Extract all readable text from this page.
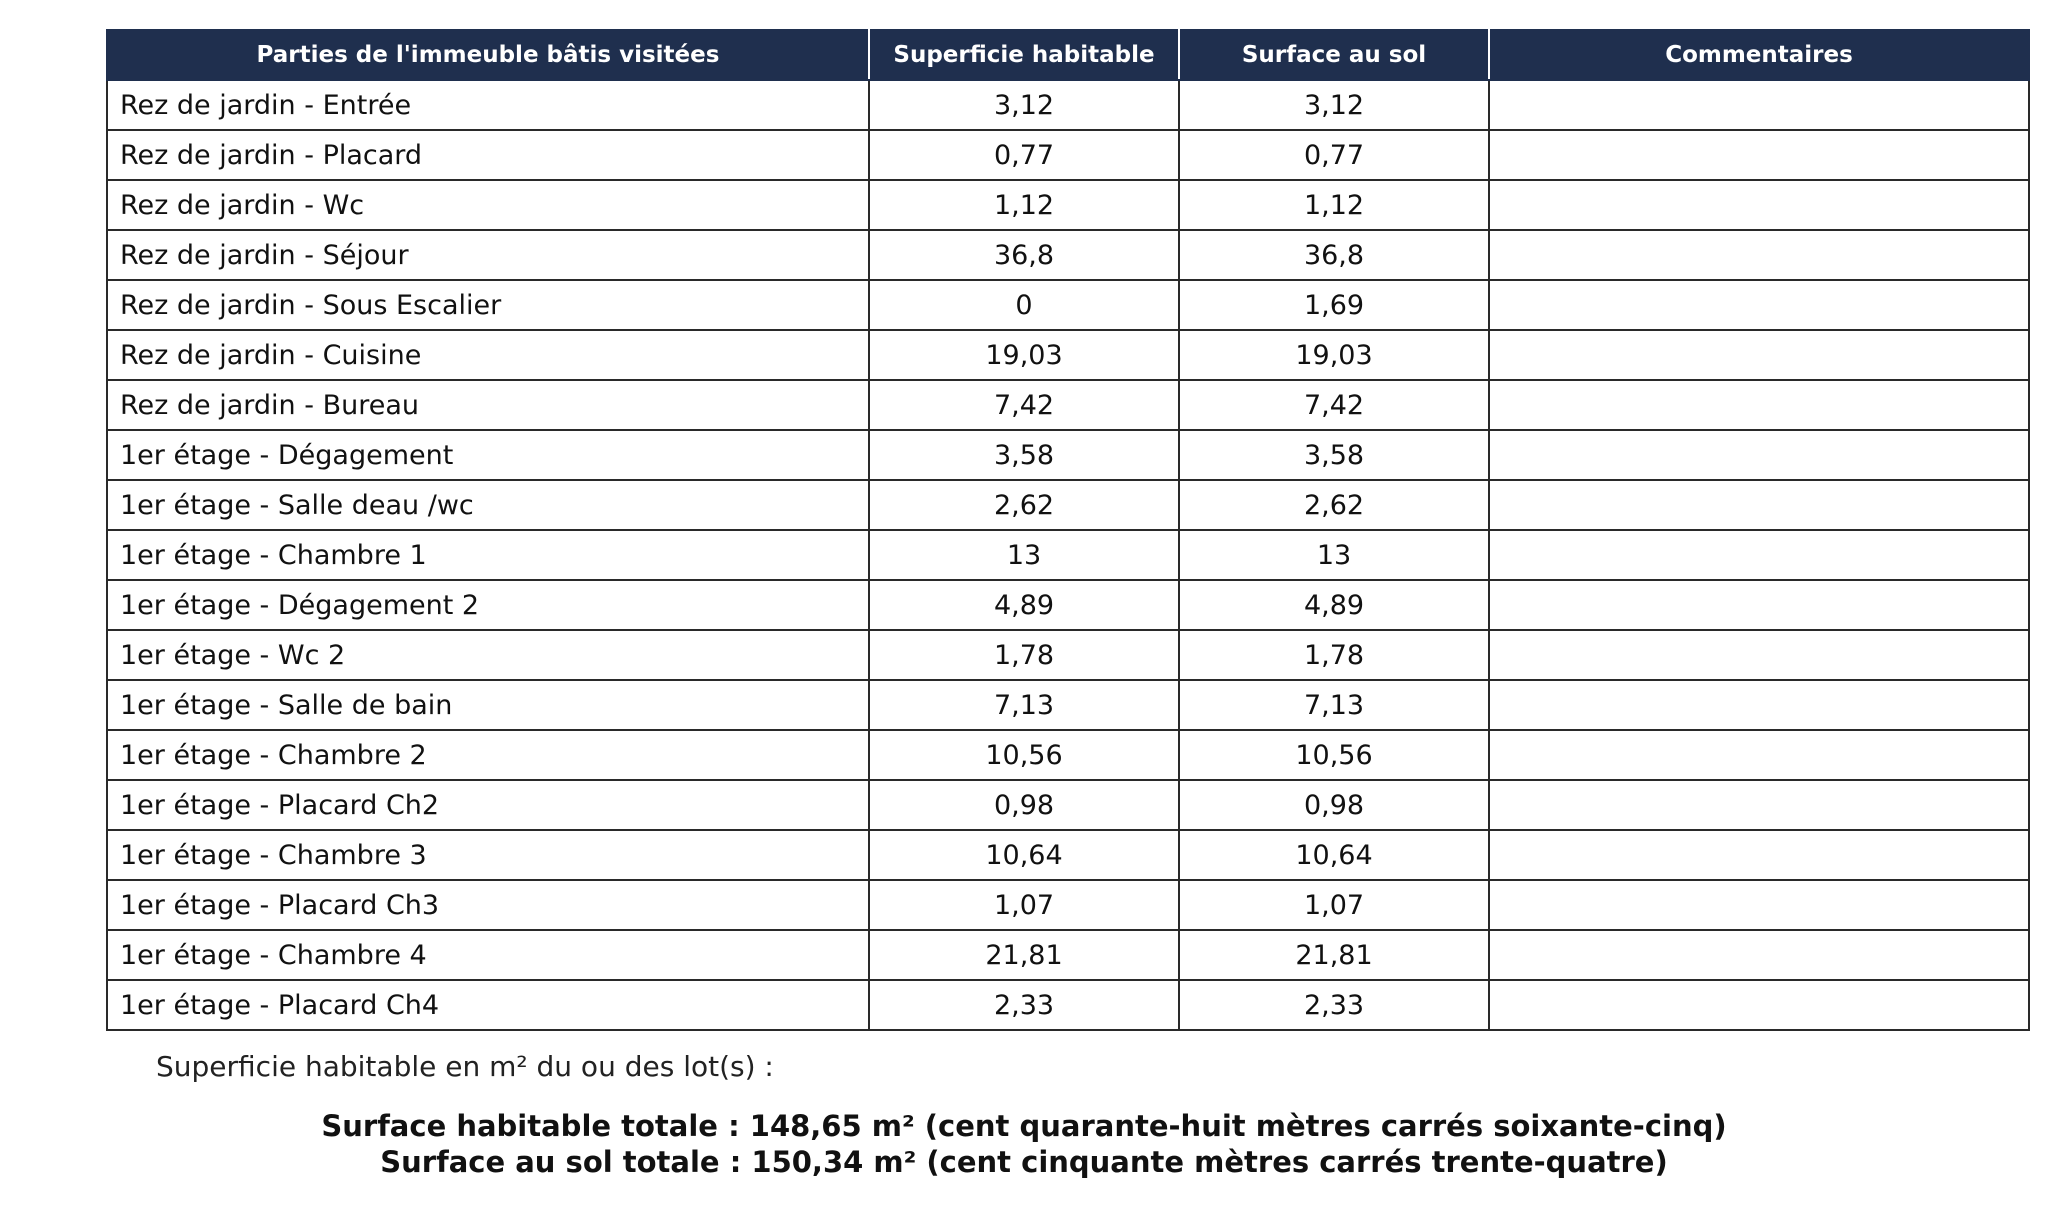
Parties de l'immeuble bâtis visitées	Superficie habitable	Surface au sol	Commentaires
Rez de jardin - Entrée	3,12	3,12	
Rez de jardin - Placard	0,77	0,77	
Rez de jardin - Wc	1,12	1,12	
Rez de jardin - Séjour	36,8	36,8	
Rez de jardin - Sous Escalier	0	1,69	
Rez de jardin - Cuisine	19,03	19,03	
Rez de jardin - Bureau	7,42	7,42	
1er étage - Dégagement	3,58	3,58	
1er étage - Salle deau /wc	2,62	2,62	
1er étage - Chambre 1	13	13	
1er étage - Dégagement 2	4,89	4,89	
1er étage - Wc 2	1,78	1,78	
1er étage - Salle de bain	7,13	7,13	
1er étage - Chambre 2	10,56	10,56	
1er étage - Placard Ch2	0,98	0,98	
1er étage - Chambre 3	10,64	10,64	
1er étage - Placard Ch3	1,07	1,07	
1er étage - Chambre 4	21,81	21,81	
1er étage - Placard Ch4	2,33	2,33	
Superficie habitable en m² du ou des lot(s) :
Surface habitable totale : 148,65 m² (cent quarante-huit mètres carrés soixante-cinq)
Surface au sol totale : 150,34 m² (cent cinquante mètres carrés trente-quatre)
